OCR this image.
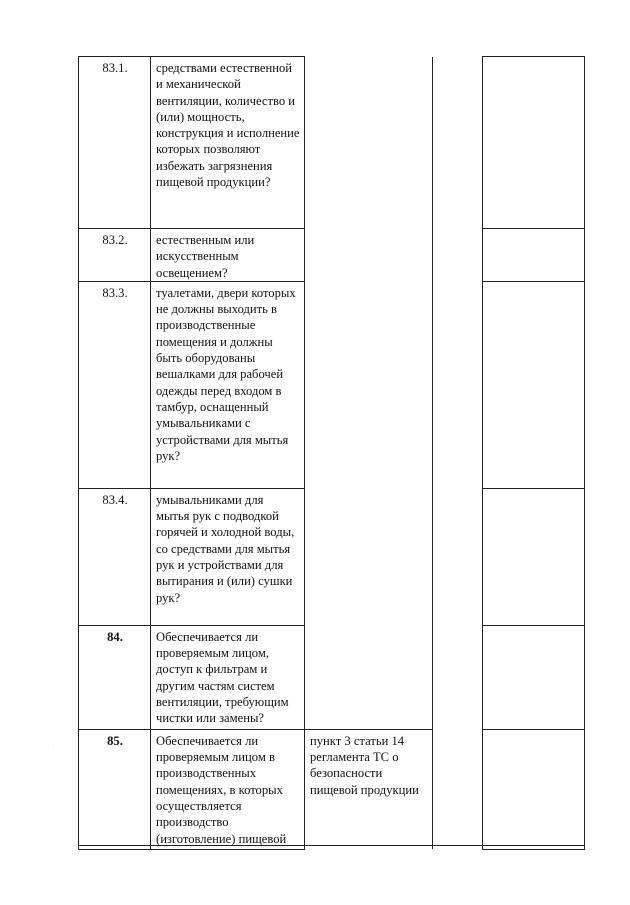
83.1.	средствами естественной и механической вентиляции, количество и (или) мощность, конструкция и исполнение которых позволяют избежать загрязнения пищевой продукции?			
83.2.	естественным или искусственным освещением?			
83.3.	туалетами, двери которых не должны выходить в производственные помещения и должны быть оборудованы вешалками для рабочей одежды перед входом в тамбур, оснащенный умывальниками с устройствами для мытья рук?			
83.4.	умывальниками для мытья рук с подводкой горячей и холодной воды, со средствами для мытья рук и устройствами для вытирания и (или) сушки рук?			
84.	Обеспечивается ли проверяемым лицом, доступ к фильтрам и другим частям систем вентиляции, требующим чистки или замены?			
85.	Обеспечивается ли проверяемым лицом в производственных помещениях, в которых осуществляется производство (изготовление) пищевой	пункт 3 статьи 14 регламента ТС о безопасности пищевой продукции		
.
